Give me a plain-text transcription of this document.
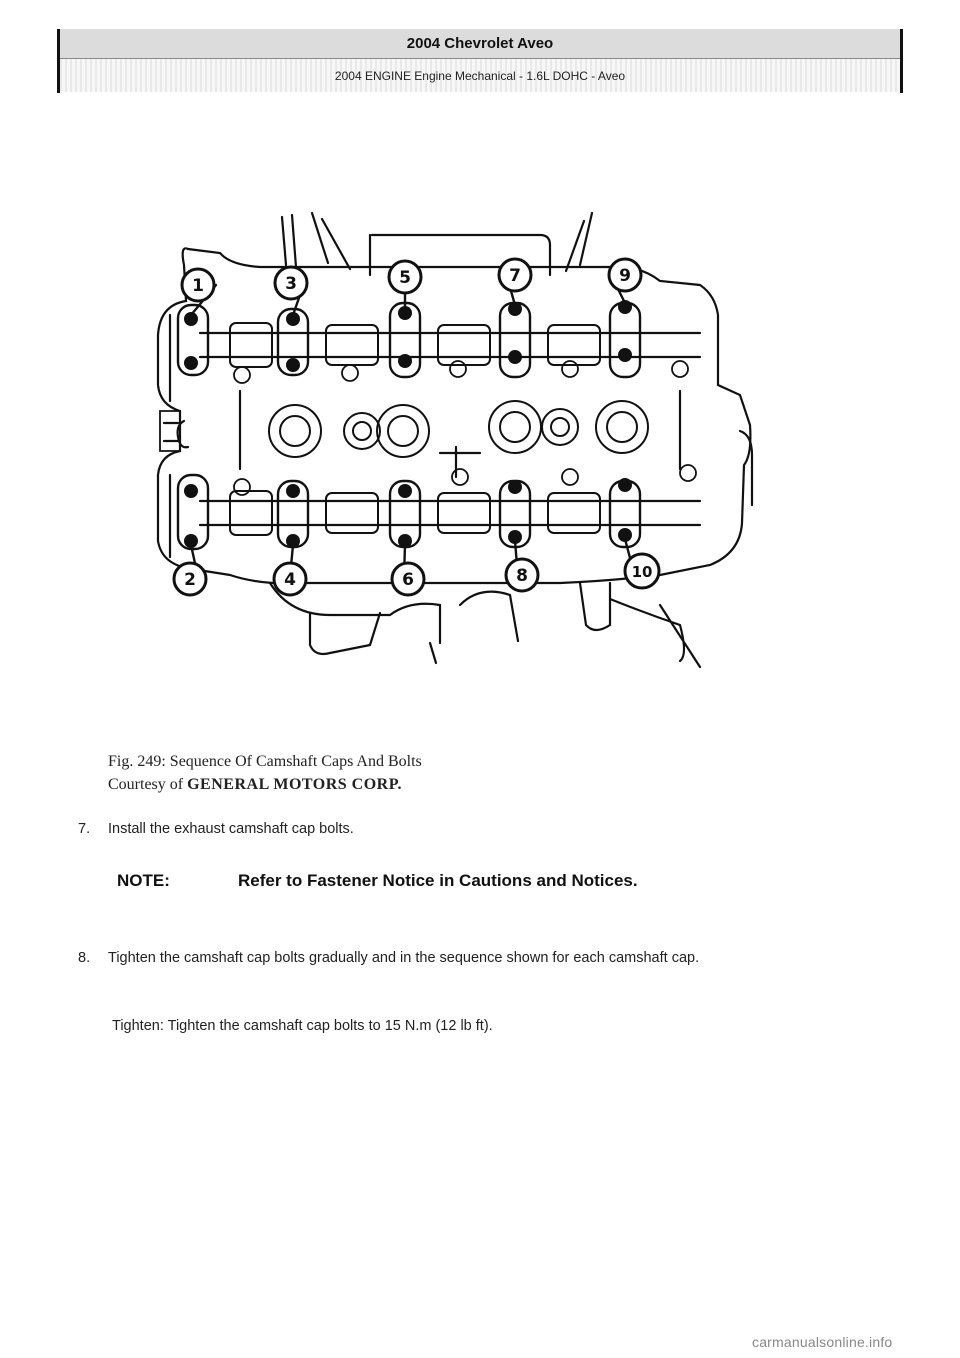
2004 Chevrolet Aveo
2004 ENGINE Engine Mechanical - 1.6L DOHC - Aveo
1	3	5	7	9
2	4	6	8	10
Fig. 249: Sequence Of Camshaft Caps And Bolts
Courtesy of GENERAL MOTORS CORP.
7. Install the exhaust camshaft cap bolts.
NOTE:	Refer to Fastener Notice in Cautions and Notices.
8. Tighten the camshaft cap bolts gradually and in the sequence shown for each camshaft cap.
Tighten: Tighten the camshaft cap bolts to 15 N.m (12 lb ft).
carmanualsonline.info
